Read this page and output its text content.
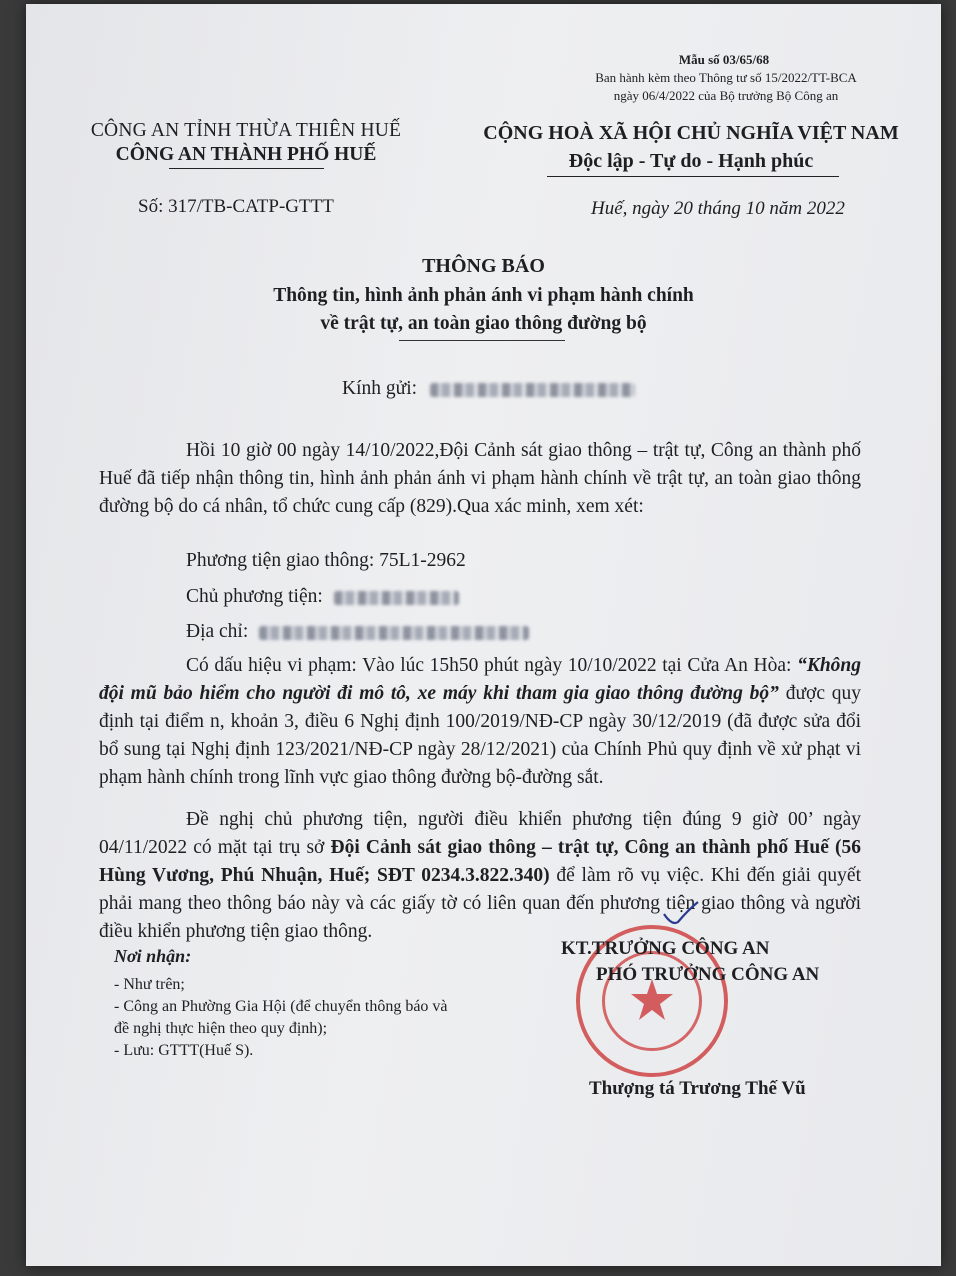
Mẫu số 03/65/68
Ban hành kèm theo Thông tư số 15/2022/TT-BCA
ngày 06/4/2022 của Bộ trưởng Bộ Công an
CÔNG AN TỈNH THỪA THIÊN HUẾ
CÔNG AN THÀNH PHỐ HUẾ
CỘNG HOÀ XÃ HỘI CHỦ NGHĨA VIỆT NAM
Độc lập - Tự do - Hạnh phúc
Số: 317/TB-CATP-GTTT	Huế, ngày 20 tháng 10 năm 2022
THÔNG BÁO
Thông tin, hình ảnh phản ánh vi phạm hành chính
về trật tự, an toàn giao thông đường bộ
Kính gửi:
Hồi 10 giờ 00 ngày 14/10/2022,Đội Cảnh sát giao thông – trật tự, Công an thành phố Huế đã tiếp nhận thông tin, hình ảnh phản ánh vi phạm hành chính về trật tự, an toàn giao thông đường bộ do cá nhân, tổ chức cung cấp (829).Qua xác minh, xem xét:
Phương tiện giao thông: 75L1-2962
Chủ phương tiện:
Địa chỉ:
Có dấu hiệu vi phạm: Vào lúc 15h50 phút ngày 10/10/2022 tại Cửa An Hòa: “Không đội mũ bảo hiểm cho người đi mô tô, xe máy khi tham gia giao thông đường bộ” được quy định tại điểm n, khoản 3, điều 6 Nghị định 100/2019/NĐ-CP ngày 30/12/2019 (đã được sửa đổi bổ sung tại Nghị định 123/2021/NĐ-CP ngày 28/12/2021) của Chính Phủ quy định về xử phạt vi phạm hành chính trong lĩnh vực giao thông đường bộ-đường sắt.
Đề nghị chủ phương tiện, người điều khiển phương tiện đúng 9 giờ 00’ ngày 04/11/2022 có mặt tại trụ sở Đội Cảnh sát giao thông – trật tự, Công an thành phố Huế (56 Hùng Vương, Phú Nhuận, Huế; SĐT 0234.3.822.340) để làm rõ vụ việc. Khi đến giải quyết phải mang theo thông báo này và các giấy tờ có liên quan đến phương tiện giao thông và người điều khiển phương tiện giao thông.
Nơi nhận:
- Như trên;
- Công an Phường Gia Hội (để chuyển thông báo và
đề nghị thực hiện theo quy định);
- Lưu: GTTT(Huế S).
KT.TRƯỞNG CÔNG AN
PHÓ TRƯỞNG CÔNG AN
Thượng tá Trương Thế Vũ
